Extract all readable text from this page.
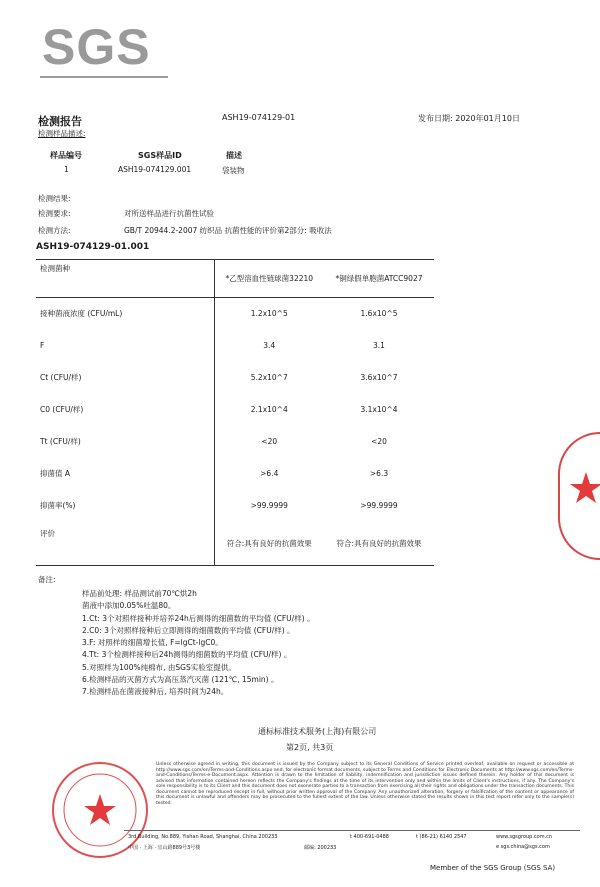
SGS
检测报告	ASH19-074129-01	发布日期: 2020年01月10日
检测样品描述:
样品编号	SGS样品ID	描述
1	ASH19-074129.001	袋装物
检测结果:
检测要求:	对所送样品进行抗菌性试验
检测方法:	GB/T 20944.2-2007 纺织品 抗菌性能的评价第2部分: 吸收法
ASH19-074129-01.001
检测菌种	*乙型溶血性链球菌32210	*铜绿假单胞菌ATCC9027
接种菌液浓度 (CFU/mL)	1.2x10^5	1.6x10^5
F	3.4	3.1
Ct (CFU/样)	5.2x10^7	3.6x10^7
C0 (CFU/样)	2.1x10^4	3.1x10^4
Tt (CFU/样)	<20	<20
抑菌值 A	>6.4	>6.3
抑菌率(%)	>99.9999	>99.9999
评价	符合:具有良好的抗菌效果	符合:具有良好的抗菌效果
备注:
样品前处理: 样品测试前70℃烘2h
菌液中添加0.05%吐温80。
1.Ct: 3个对照样接种并培养24h后测得的细菌数的平均值 (CFU/样) 。
2.C0: 3个对照样接种后立即测得的细菌数的平均值 (CFU/样) 。
3.F: 对照样的细菌增长值, F=lgCt-lgC0。
4.Tt: 3个检测样接种后24h测得的细菌数的平均值 (CFU/样) 。
5.对照样为100%纯棉布, 由SGS实验室提供。
6.检测样品的灭菌方式为高压蒸汽灭菌 (121℃, 15min) 。
7.检测样品在菌液接种后, 培养时间为24h。
通标标准技术服务(上海)有限公司
第2页, 共3页
Unless otherwise agreed in writing, this document is issued by the Company subject to its General Conditions of Service printed overleaf, available on request or accessible at http://www.sgs.com/en/Terms-and-Conditions.aspx and, for electronic format documents, subject to Terms and Conditions for Electronic Documents at http://www.sgs.com/en/Terms-and-Conditions/Terms-e-Document.aspx. Attention is drawn to the limitation of liability, indemnification and jurisdiction issues defined therein. Any holder of this document is advised that information contained hereon reflects the Company's findings at the time of its intervention only and within the limits of Client's instructions, if any. The Company's sole responsibility is to its Client and this document does not exonerate parties to a transaction from exercising all their rights and obligations under the transaction documents. This document cannot be reproduced except in full, without prior written approval of the Company. Any unauthorized alteration, forgery or falsification of the content or appearance of this document is unlawful and offenders may be prosecuted to the fullest extent of the law. Unless otherwise stated the results shown in this test report refer only to the sample(s) tested.
3rd Building, No.889, Yishan Road, Shanghai, China 200233
中国 · 上海 · 宜山路889号3号楼	邮编: 200233
t 400-691-0488	t (86-21) 6140 2547	www.sgsgroup.com.cn
e sgs.china@sgs.com
Member of the SGS Group (SGS SA)
